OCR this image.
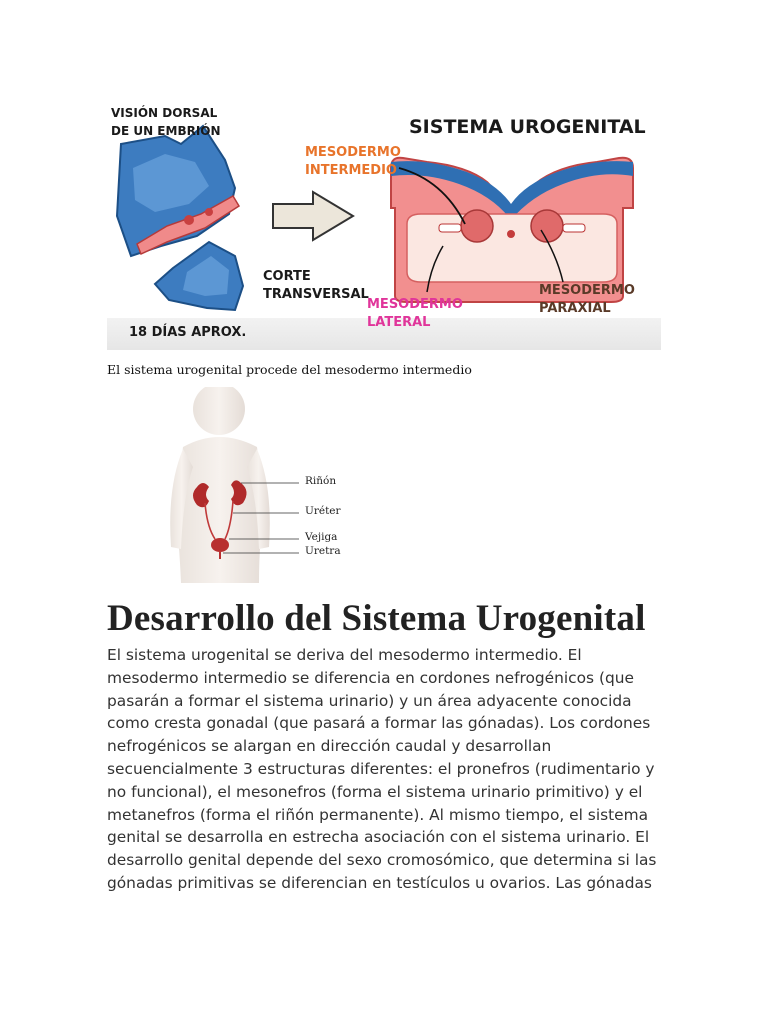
VISIÓN DORSAL
DE UN EMBRIÓN	SISTEMA UROGENITAL
MESODERMO
INTERMEDIO
CORTE
TRANSVERSAL
MESODERMO
LATERAL
MESODERMO
PARAXIAL
18 DÍAS APROX.
El sistema urogenital procede del mesodermo intermedio
Riñón
Uréter
Vejiga
Uretra
Desarrollo del Sistema Urogenital

El sistema urogenital se deriva del mesodermo intermedio. El mesodermo intermedio se diferencia en cordones nefrogénicos (que pasarán a formar el sistema urinario) y un área adyacente conocida como cresta gonadal (que pasará a formar las gónadas). Los cordones nefrogénicos se alargan en dirección caudal y desarrollan secuencialmente 3 estructuras diferentes: el pronefros (rudimentario y no funcional), el mesonefros (forma el sistema urinario primitivo) y el metanefros (forma el riñón permanente). Al mismo tiempo, el sistema genital se desarrolla en estrecha asociación con el sistema urinario. El desarrollo genital depende del sexo cromosómico, que determina si las gónadas primitivas se diferencian en testículos u ovarios. Las gónadas
